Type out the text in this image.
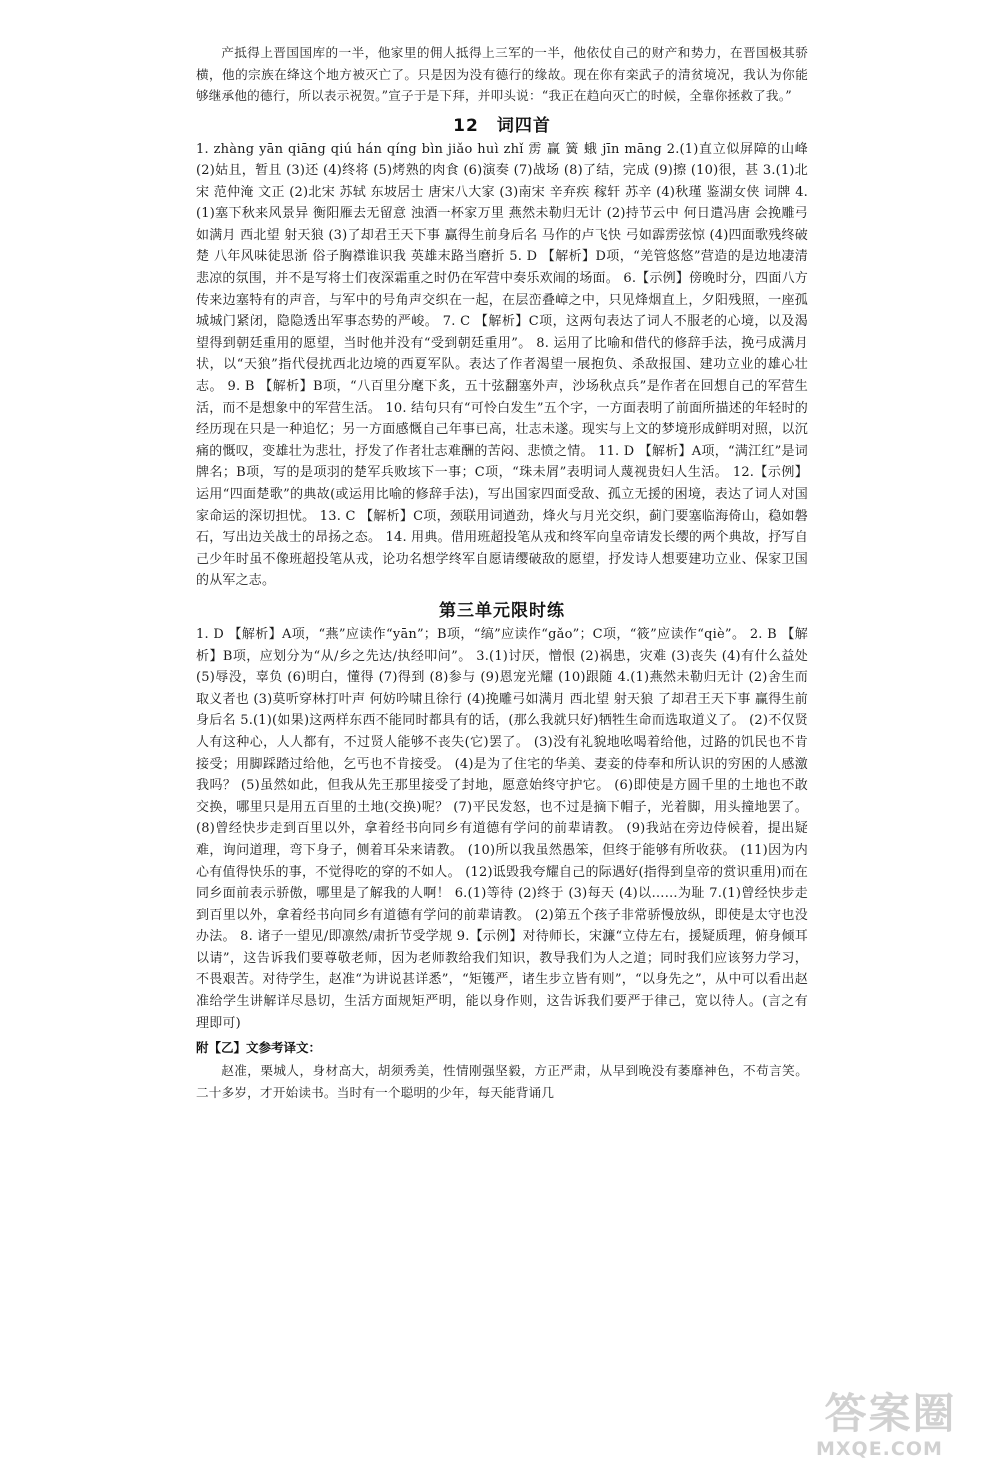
产抵得上晋国国库的一半，他家里的佣人抵得上三军的一半，他依仗自己的财产和势力，在晋国极其骄横，他的宗族在绛这个地方被灭亡了。只是因为没有德行的缘故。现在你有栾武子的清贫境况，我认为你能够继承他的德行，所以表示祝贺。”宣子于是下拜，并叩头说：“我正在趋向灭亡的时候，全靠你拯救了我。”

12　词四首

1. zhàng yān qiāng qiú hán qíng bìn jiǎo huì zhǐ 雳 赢 簧 蛾 jīn māng 2.(1)直立似屏障的山峰 (2)姑且，暂且 (3)还 (4)终将 (5)烤熟的肉食 (6)演奏 (7)战场 (8)了结，完成 (9)擦 (10)很，甚 3.(1)北宋 范仲淹 文正 (2)北宋 苏轼 东坡居士 唐宋八大家 (3)南宋 辛弃疾 稼轩 苏辛 (4)秋瑾 鉴湖女侠 词牌 4.(1)塞下秋来风景异 衡阳雁去无留意 浊酒一杯家万里 燕然未勒归无计 (2)持节云中 何日遣冯唐 会挽雕弓如满月 西北望 射天狼 (3)了却君王天下事 赢得生前身后名 马作的卢飞快 弓如霹雳弦惊 (4)四面歌残终破楚 八年风味徒思浙 俗子胸襟谁识我 英雄末路当磨折 5. D 【解析】D项，“羌管悠悠”营造的是边地凄清悲凉的氛围，并不是写将士们夜深霜重之时仍在军营中奏乐欢闹的场面。 6.【示例】傍晚时分，四面八方传来边塞特有的声音，与军中的号角声交织在一起，在层峦叠嶂之中，只见烽烟直上，夕阳残照，一座孤城城门紧闭，隐隐透出军事态势的严峻。 7. C 【解析】C项，这两句表达了词人不服老的心境，以及渴望得到朝廷重用的愿望，当时他并没有“受到朝廷重用”。 8. 运用了比喻和借代的修辞手法，挽弓成满月状，以“天狼”指代侵扰西北边境的西夏军队。表达了作者渴望一展抱负、杀敌报国、建功立业的雄心壮志。 9. B 【解析】B项，“八百里分麾下炙，五十弦翻塞外声，沙场秋点兵”是作者在回想自己的军营生活，而不是想象中的军营生活。 10. 结句只有“可怜白发生”五个字，一方面表明了前面所描述的年轻时的经历现在只是一种追忆；另一方面感慨自己年事已高，壮志未遂。现实与上文的梦境形成鲜明对照，以沉痛的慨叹，变雄壮为悲壮，抒发了作者壮志难酬的苦闷、悲愤之情。 11. D 【解析】A项，“满江红”是词牌名；B项，写的是项羽的楚军兵败垓下一事；C项，“珠未屑”表明词人蔑视贵妇人生活。 12.【示例】运用“四面楚歌”的典故(或运用比喻的修辞手法)，写出国家四面受敌、孤立无援的困境，表达了词人对国家命运的深切担忧。 13. C 【解析】C项，颈联用词遒劲，烽火与月光交织，蓟门要塞临海倚山，稳如磐石，写出边关战士的昂扬之态。 14. 用典。借用班超投笔从戎和终军向皇帝请发长缨的两个典故，抒写自己少年时虽不像班超投笔从戎，论功名想学终军自愿请缨破敌的愿望，抒发诗人想要建功立业、保家卫国的从军之志。

第三单元限时练

1. D 【解析】A项，“燕”应读作“yān”；B项，“缟”应读作“gǎo”；C项，“筱”应读作“qiè”。 2. B 【解析】B项，应划分为“从/乡之先达/执经叩问”。 3.(1)讨厌，憎恨 (2)祸患，灾难 (3)丧失 (4)有什么益处 (5)辱没，辜负 (6)明白，懂得 (7)得到 (8)参与 (9)恩宠光耀 (10)跟随 4.(1)燕然未勒归无计 (2)舍生而取义者也 (3)莫听穿林打叶声 何妨吟啸且徐行 (4)挽雕弓如满月 西北望 射天狼 了却君王天下事 赢得生前身后名 5.(1)(如果)这两样东西不能同时都具有的话，(那么我就只好)牺牲生命而选取道义了。 (2)不仅贤人有这种心，人人都有，不过贤人能够不丧失(它)罢了。 (3)没有礼貌地吆喝着给他，过路的饥民也不肯接受；用脚踩踏过给他，乞丐也不肯接受。 (4)是为了住宅的华美、妻妾的侍奉和所认识的穷困的人感激我吗？ (5)虽然如此，但我从先王那里接受了封地，愿意始终守护它。 (6)即使是方圆千里的土地也不敢交换，哪里只是用五百里的土地(交换)呢？ (7)平民发怒，也不过是摘下帽子，光着脚，用头撞地罢了。 (8)曾经快步走到百里以外，拿着经书向同乡有道德有学问的前辈请教。 (9)我站在旁边侍候着，提出疑难，询问道理，弯下身子，侧着耳朵来请教。 (10)所以我虽然愚笨，但终于能够有所收获。 (11)因为内心有值得快乐的事，不觉得吃的穿的不如人。 (12)诋毁我夸耀自己的际遇好(指得到皇帝的赏识重用)而在同乡面前表示骄傲，哪里是了解我的人啊！ 6.(1)等待 (2)终于 (3)每天 (4)以……为耻 7.(1)曾经快步走到百里以外，拿着经书向同乡有道德有学问的前辈请教。 (2)第五个孩子非常骄慢放纵，即使是太守也没办法。 8. 诸子一望见/即凛然/肃折节受学规 9.【示例】对待师长，宋濂“立侍左右，援疑质理，俯身倾耳以请”，这告诉我们要尊敬老师，因为老师教给我们知识，教导我们为人之道；同时我们应该努力学习，不畏艰苦。对待学生，赵准“为讲说甚详悉”，“矩镬严，诸生步立皆有则”，“以身先之”，从中可以看出赵准给学生讲解详尽恳切，生活方面规矩严明，能以身作则，这告诉我们要严于律己，宽以待人。(言之有理即可)

附【乙】文参考译文：

赵准，栗城人，身材高大，胡须秀美，性情刚强坚毅，方正严肃，从早到晚没有萎靡神色，不苟言笑。二十多岁，才开始读书。当时有一个聪明的少年，每天能背诵几

答案圈
MXQE.COM
